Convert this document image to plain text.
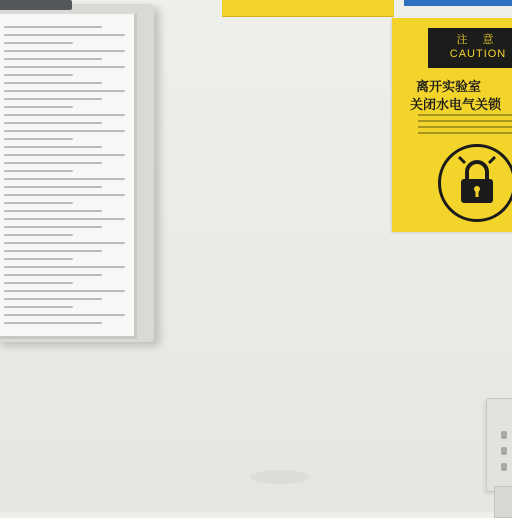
注 意
CAUTION
离开实验室
关闭水电气关锁
